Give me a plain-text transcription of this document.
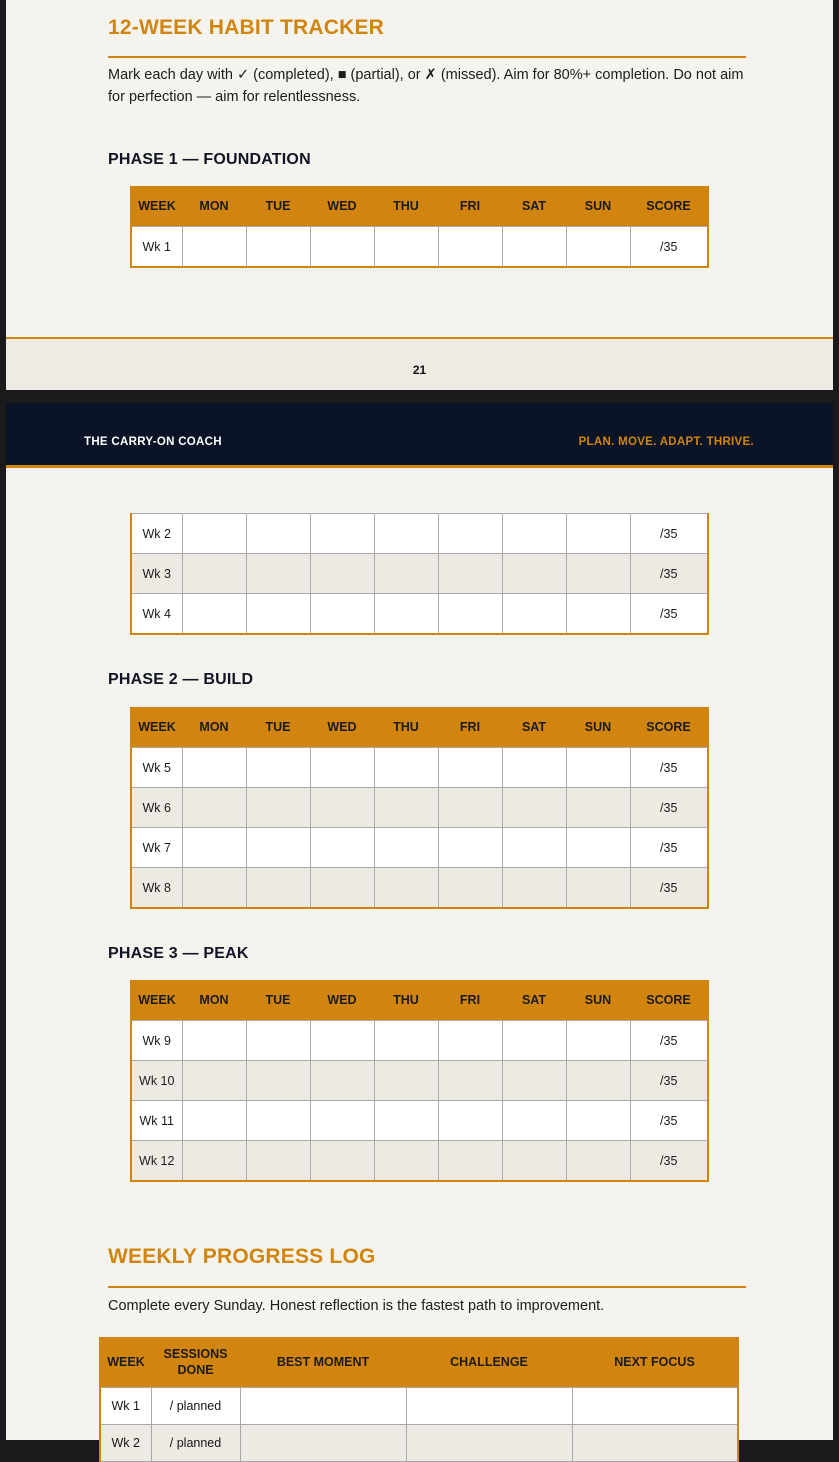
12-WEEK HABIT TRACKER

Mark each day with ✓ (completed), ■ (partial), or ✗ (missed). Aim for 80%+ completion. Do not aim for perfection — aim for relentlessness.

PHASE 1 — FOUNDATION
WEEK	MON	TUE	WED	THU	FRI	SAT	SUN	SCORE
Wk 1								/35
21
THE CARRY-ON COACH	PLAN. MOVE. ADAPT. THRIVE.
Wk 2								/35
Wk 3								/35
Wk 4								/35
PHASE 2 — BUILD
WEEK	MON	TUE	WED	THU	FRI	SAT	SUN	SCORE
Wk 5								/35
Wk 6								/35
Wk 7								/35
Wk 8								/35
PHASE 3 — PEAK
WEEK	MON	TUE	WED	THU	FRI	SAT	SUN	SCORE
Wk 9								/35
Wk 10								/35
Wk 11								/35
Wk 12								/35
WEEKLY PROGRESS LOG

Complete every Sunday. Honest reflection is the fastest path to improvement.

WEEK	SESSIONS DONE	BEST MOMENT	CHALLENGE	NEXT FOCUS
Wk 1	/ planned			
Wk 2	/ planned			
